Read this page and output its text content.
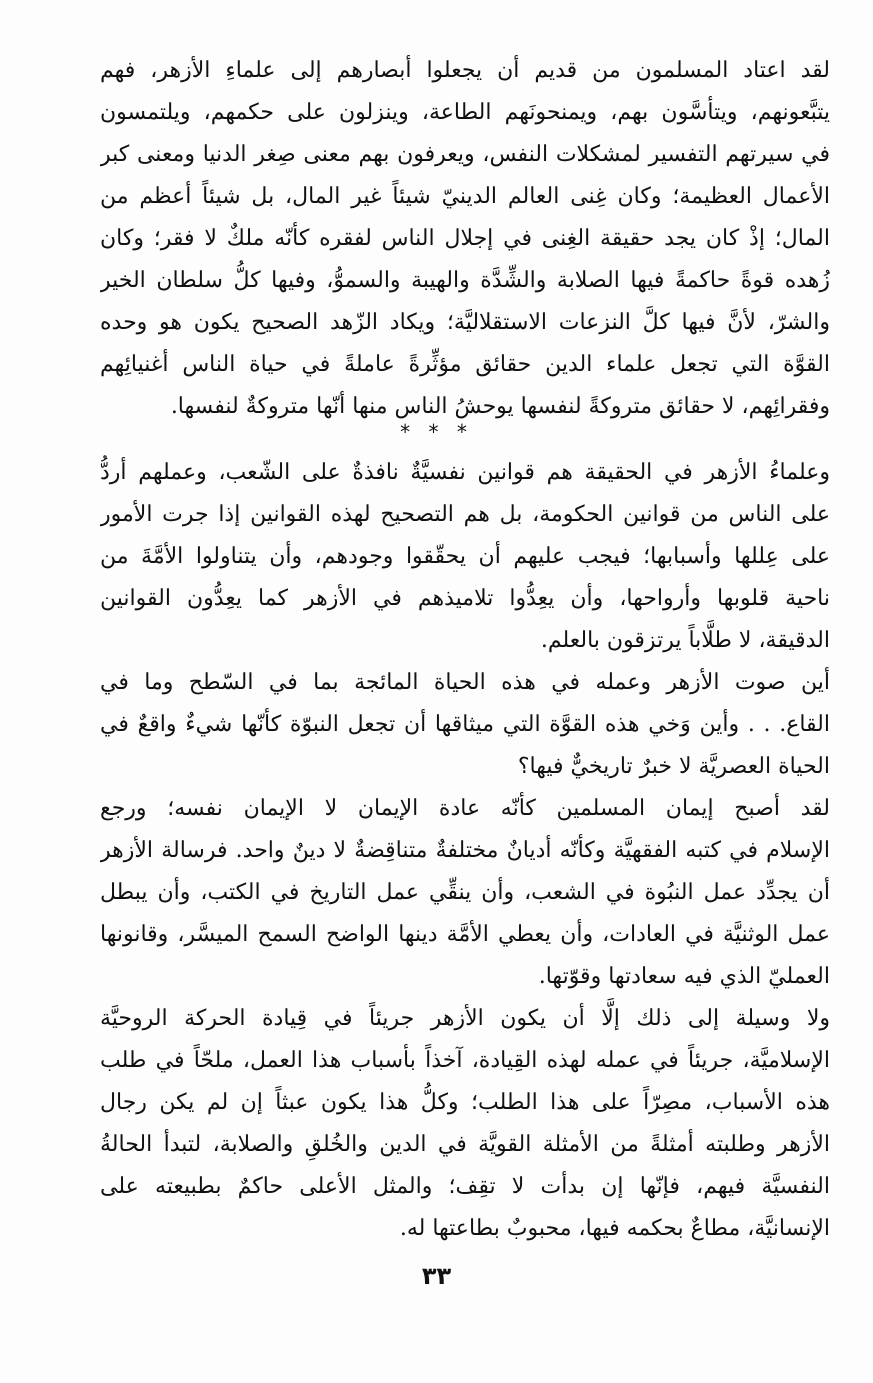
لقد اعتاد المسلمون من قديم أن يجعلوا أبصارهم إلى علماءِ الأزهر، فهم
يتبَّعونهم، ويتأسَّون بهم، ويمنحونَهم الطاعة، وينزلون على حكمهم، ويلتمسون
في سيرتهم التفسير لمشكلات النفس، ويعرفون بهم معنى صِغر الدنيا ومعنى كبر
الأعمال العظيمة؛ وكان غِنى العالم الدينيّ شيئاً غير المال، بل شيئاً أعظم من
المال؛ إذْ كان يجد حقيقة الغِنى في إجلال الناس لفقره كأنّه ملكٌ لا فقر؛ وكان
زُهده قوةً حاكمةً فيها الصلابة والشِّدَّة والهيبة والسموُّ، وفيها كلُّ سلطان الخير
والشرّ، لأنَّ فيها كلَّ النزعات الاستقلاليَّة؛ ويكاد الزّهد الصحيح يكون هو وحده
القوَّة التي تجعل علماء الدين حقائق مؤثِّرةً عاملةً في حياة الناس أغنيائِهم
وفقرائِهم، لا حقائق متروكةً لنفسها يوحشُ الناس منها أنّها متروكةٌ لنفسها.
* * *
وعلماءُ الأزهر في الحقيقة هم قوانين نفسيَّةٌ نافذةٌ على الشّعب، وعملهم أردُّ
على الناس من قوانين الحكومة، بل هم التصحيح لهذه القوانين إذا جرت الأمور
على عِللها وأسبابها؛ فيجب عليهم أن يحقّقوا وجودهم، وأن يتناولوا الأمَّةَ من
ناحية قلوبها وأرواحها، وأن يعِدُّوا تلاميذهم في الأزهر كما يعِدُّون القوانين
الدقيقة، لا طلَّاباً يرتزقون بالعلم.
أين صوت الأزهر وعمله في هذه الحياة المائجة بما في السّطح وما في
القاع. . . وأين وَخي هذه القوَّة التي ميثاقها أن تجعل النبوّة كأنّها شيءٌ واقعٌ في
الحياة العصريَّة لا خبرٌ تاريخيٌّ فيها؟
لقد أصبح إيمان المسلمين كأنّه عادة الإيمان لا الإيمان نفسه؛ ورجع
الإسلام في كتبه الفقهيَّة وكأنّه أديانٌ مختلفةٌ متناقِضةٌ لا دينٌ واحد. فرسالة الأزهر
أن يجدِّد عمل النبُوة في الشعب، وأن ينقِّي عمل التاريخ في الكتب، وأن يبطل
عمل الوثنيَّة في العادات، وأن يعطي الأمَّة دينها الواضح السمح الميسَّر، وقانونها
العمليّ الذي فيه سعادتها وقوّتها.
ولا وسيلة إلى ذلك إلَّا أن يكون الأزهر جريئاً في قِيادة الحركة الروحيَّة
الإسلاميَّة، جريئاً في عمله لهذه القِيادة، آخذاً بأسباب هذا العمل، ملحّاً في طلب
هذه الأسباب، مصِرّاً على هذا الطلب؛ وكلُّ هذا يكون عبثاً إن لم يكن رجال
الأزهر وطلبته أمثلةً من الأمثلة القويَّة في الدين والخُلقِ والصلابة، لتبدأ الحالةُ
النفسيَّة فيهم، فإنّها إن بدأت لا تقِف؛ والمثل الأعلى حاكمٌ بطبيعته على
الإنسانيَّة، مطاعٌ بحكمه فيها، محبوبٌ بطاعتها له.
٣٣
